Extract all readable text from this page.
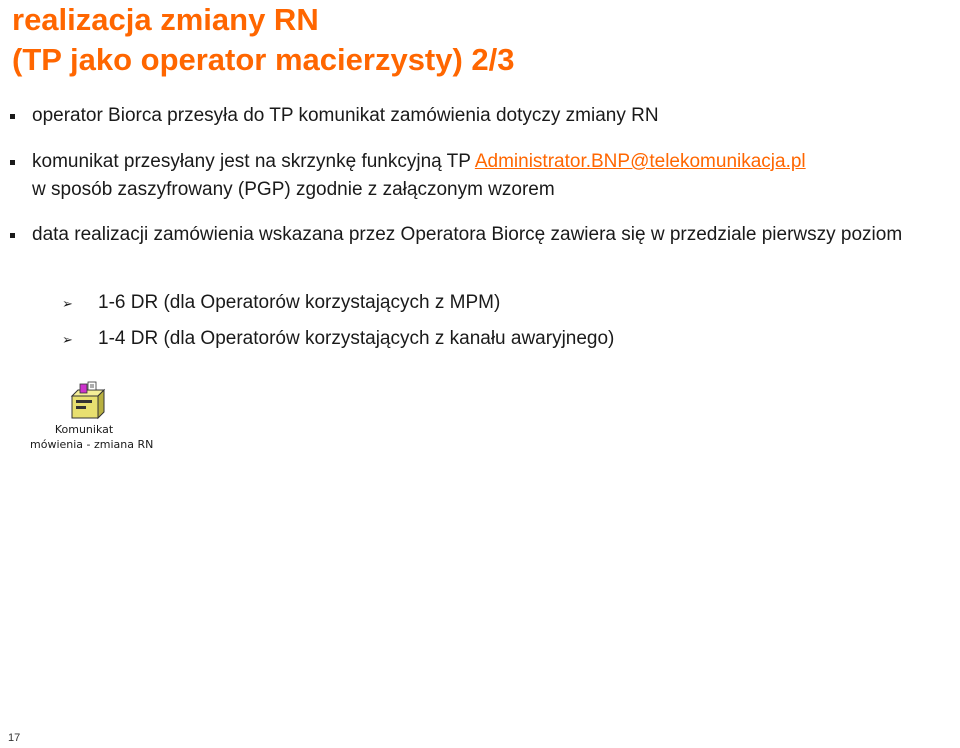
realizacja zmiany RN
(TP jako operator macierzysty) 2/3
operator Biorca przesyła do TP komunikat zamówienia dotyczy zmiany RN
komunikat przesyłany jest na skrzynkę funkcyjną TP Administrator.BNP@telekomunikacja.pl
w sposób zaszyfrowany (PGP) zgodnie z załączonym wzorem
data realizacji zamówienia wskazana przez Operatora Biorcę zawiera się w przedziale pierwszy poziom
➢ 1-6 DR (dla Operatorów korzystających z MPM)
➢ 1-4 DR (dla Operatorów korzystających z kanału awaryjnego)
Komunikat
mówienia - zmiana RN
17
